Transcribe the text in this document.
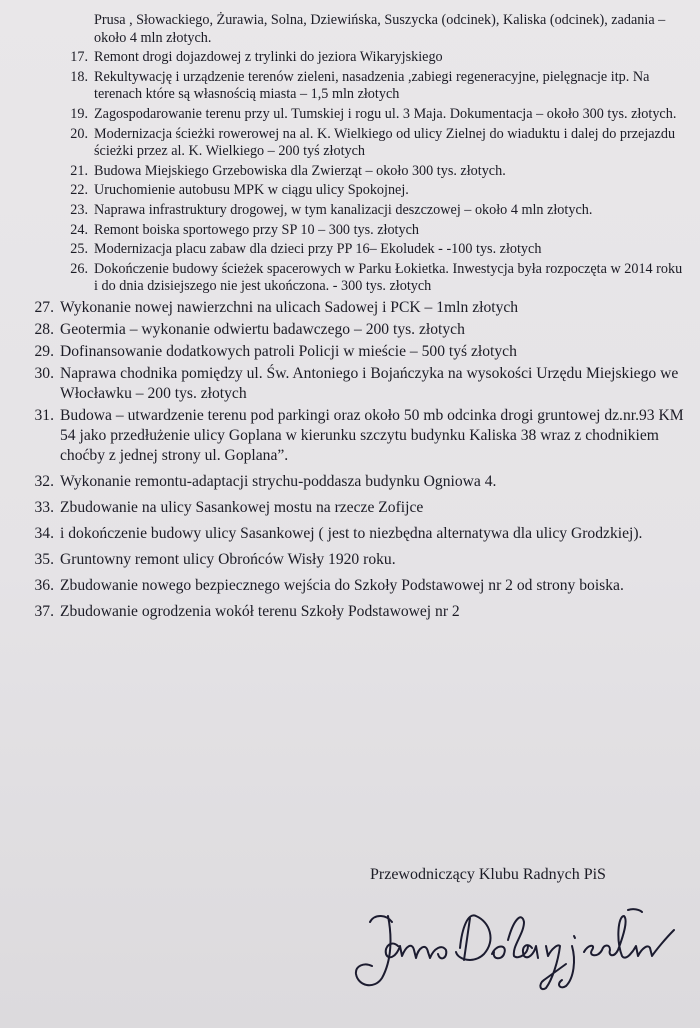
Prusa , Słowackiego, Żurawia, Solna, Dziewińska, Suszycka (odcinek), Kaliska (odcinek), zadania – około 4 mln złotych.
17. Remont drogi dojazdowej z trylinki do jeziora Wikaryjskiego
18. Rekultywację i urządzenie terenów zieleni, nasadzenia ,zabiegi regeneracyjne, pielęgnacje itp. Na terenach które są własnością miasta – 1,5 mln złotych
19. Zagospodarowanie terenu przy ul. Tumskiej i rogu ul. 3 Maja. Dokumentacja – około 300 tys. złotych.
20. Modernizacja ścieżki rowerowej na al. K. Wielkiego od ulicy Zielnej do wiaduktu i dalej do przejazdu ścieżki przez al. K. Wielkiego – 200 tyś złotych
21. Budowa Miejskiego Grzebowiska dla Zwierząt – około 300 tys. złotych.
22. Uruchomienie autobusu MPK w ciągu ulicy Spokojnej.
23. Naprawa infrastruktury drogowej, w tym kanalizacji deszczowej – około 4 mln złotych.
24. Remont boiska sportowego przy SP 10 – 300 tys. złotych
25. Modernizacja placu zabaw dla dzieci przy PP 16– Ekoludek - -100 tys. złotych
26. Dokończenie budowy ścieżek spacerowych w Parku Łokietka. Inwestycja była rozpoczęta w 2014 roku i do dnia dzisiejszego nie jest ukończona. - 300 tys. złotych
27. Wykonanie nowej nawierzchni na ulicach Sadowej i PCK – 1mln złotych
28. Geotermia – wykonanie odwiertu badawczego – 200 tys. złotych
29. Dofinansowanie dodatkowych patroli Policji w mieście – 500 tyś złotych
30. Naprawa chodnika pomiędzy ul. Św. Antoniego i Bojańczyka na wysokości Urzędu Miejskiego we Włocławku – 200 tys. złotych
31. Budowa – utwardzenie terenu pod parkingi oraz około 50 mb odcinka drogi gruntowej dz.nr.93 KM 54 jako przedłużenie ulicy Goplana w kierunku szczytu budynku Kaliska 38 wraz z chodnikiem choćby z jednej strony ul. Goplana”.
32. Wykonanie remontu-adaptacji strychu-poddasza budynku Ogniowa 4.
33. Zbudowanie na ulicy Sasankowej mostu na rzecze Zofijce
34. i dokończenie budowy ulicy Sasankowej ( jest to niezbędna alternatywa dla ulicy Grodzkiej).
35. Gruntowny remont ulicy Obrońców Wisły 1920 roku.
36. Zbudowanie nowego bezpiecznego wejścia do Szkoły Podstawowej nr 2 od strony boiska.
37. Zbudowanie ogrodzenia wokół terenu Szkoły Podstawowej nr 2
Przewodniczący Klubu Radnych PiS
